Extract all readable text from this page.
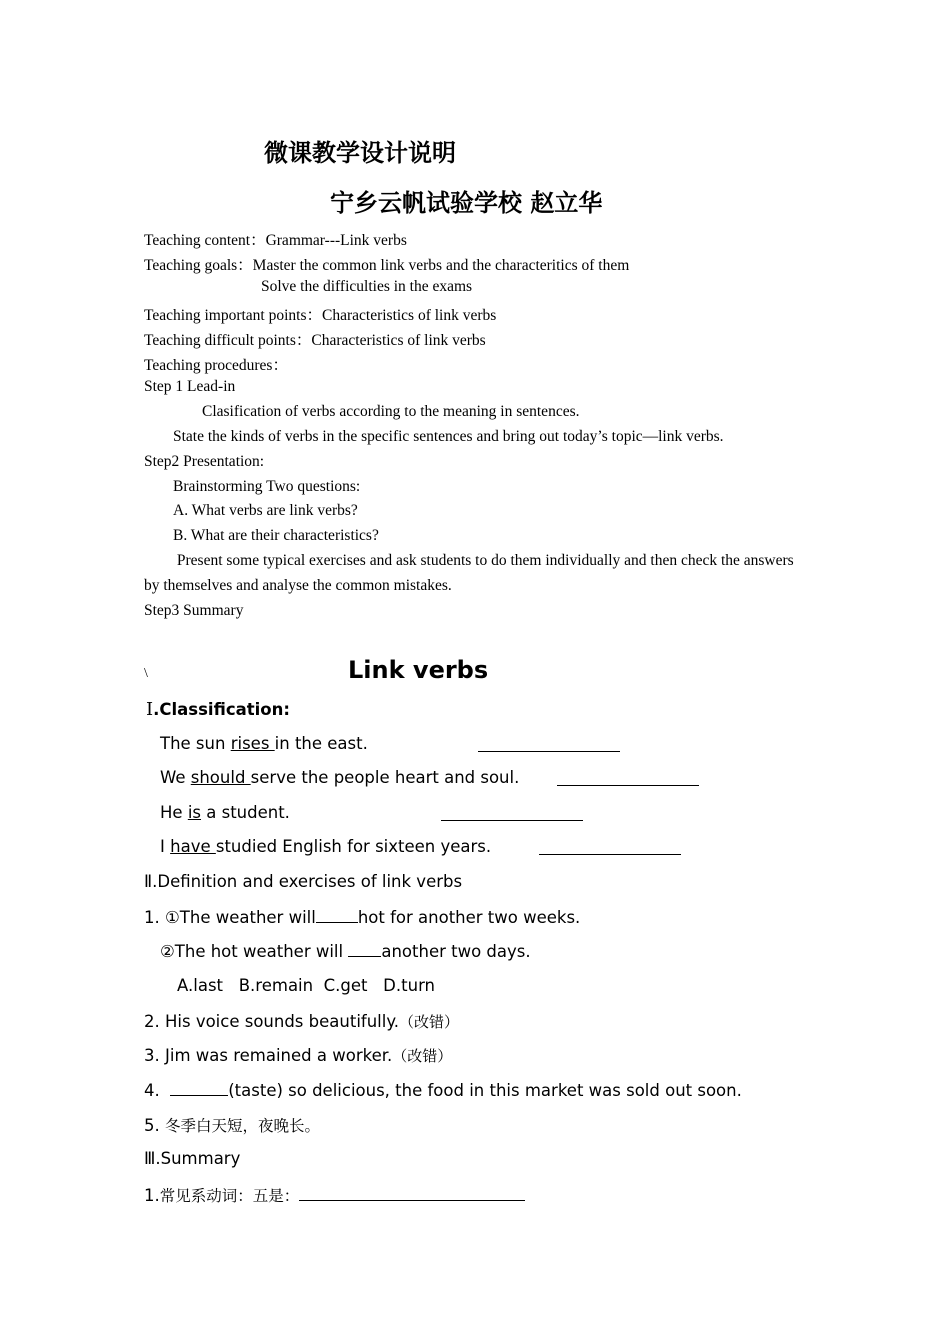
微课教学设计说明
宁乡云帆试验学校 赵立华
Teaching content：Grammar---Link verbs
Teaching goals：Master the common link verbs and the characteritics of them
Solve the difficulties in the exams
Teaching important points：Characteristics of link verbs
Teaching difficult points：Characteristics of link verbs
Teaching procedures：
Step 1 Lead-in
Clasification of verbs according to the meaning in sentences.
State the kinds of verbs in the specific sentences and bring out today’s topic—link verbs.
Step2 Presentation:
Brainstorming Two questions:
A. What verbs are link verbs?
B. What are their characteristics?
Present some typical exercises and ask students to do them individually and then check the answers
by themselves and analyse the common mistakes.
Step3 Summary
\	Link verbs
Ⅰ.Classification:
The sun rises in the east.
We should serve the people heart and soul.
He is a student.
I have studied English for sixteen years.
Ⅱ.Definition and exercises of link verbs
1. ①The weather will	hot for another two weeks.
②The hot weather will another two days.
A.last   B.remain  C.get   D.turn
2. His voice sounds beautifully.（改错）
3. Jim was remained a worker.（改错）
4.	(taste) so delicious, the food in this market was sold out soon.
5. 冬季白天短，夜晚长。
Ⅲ.Summary
1.常见系动词：五是：
